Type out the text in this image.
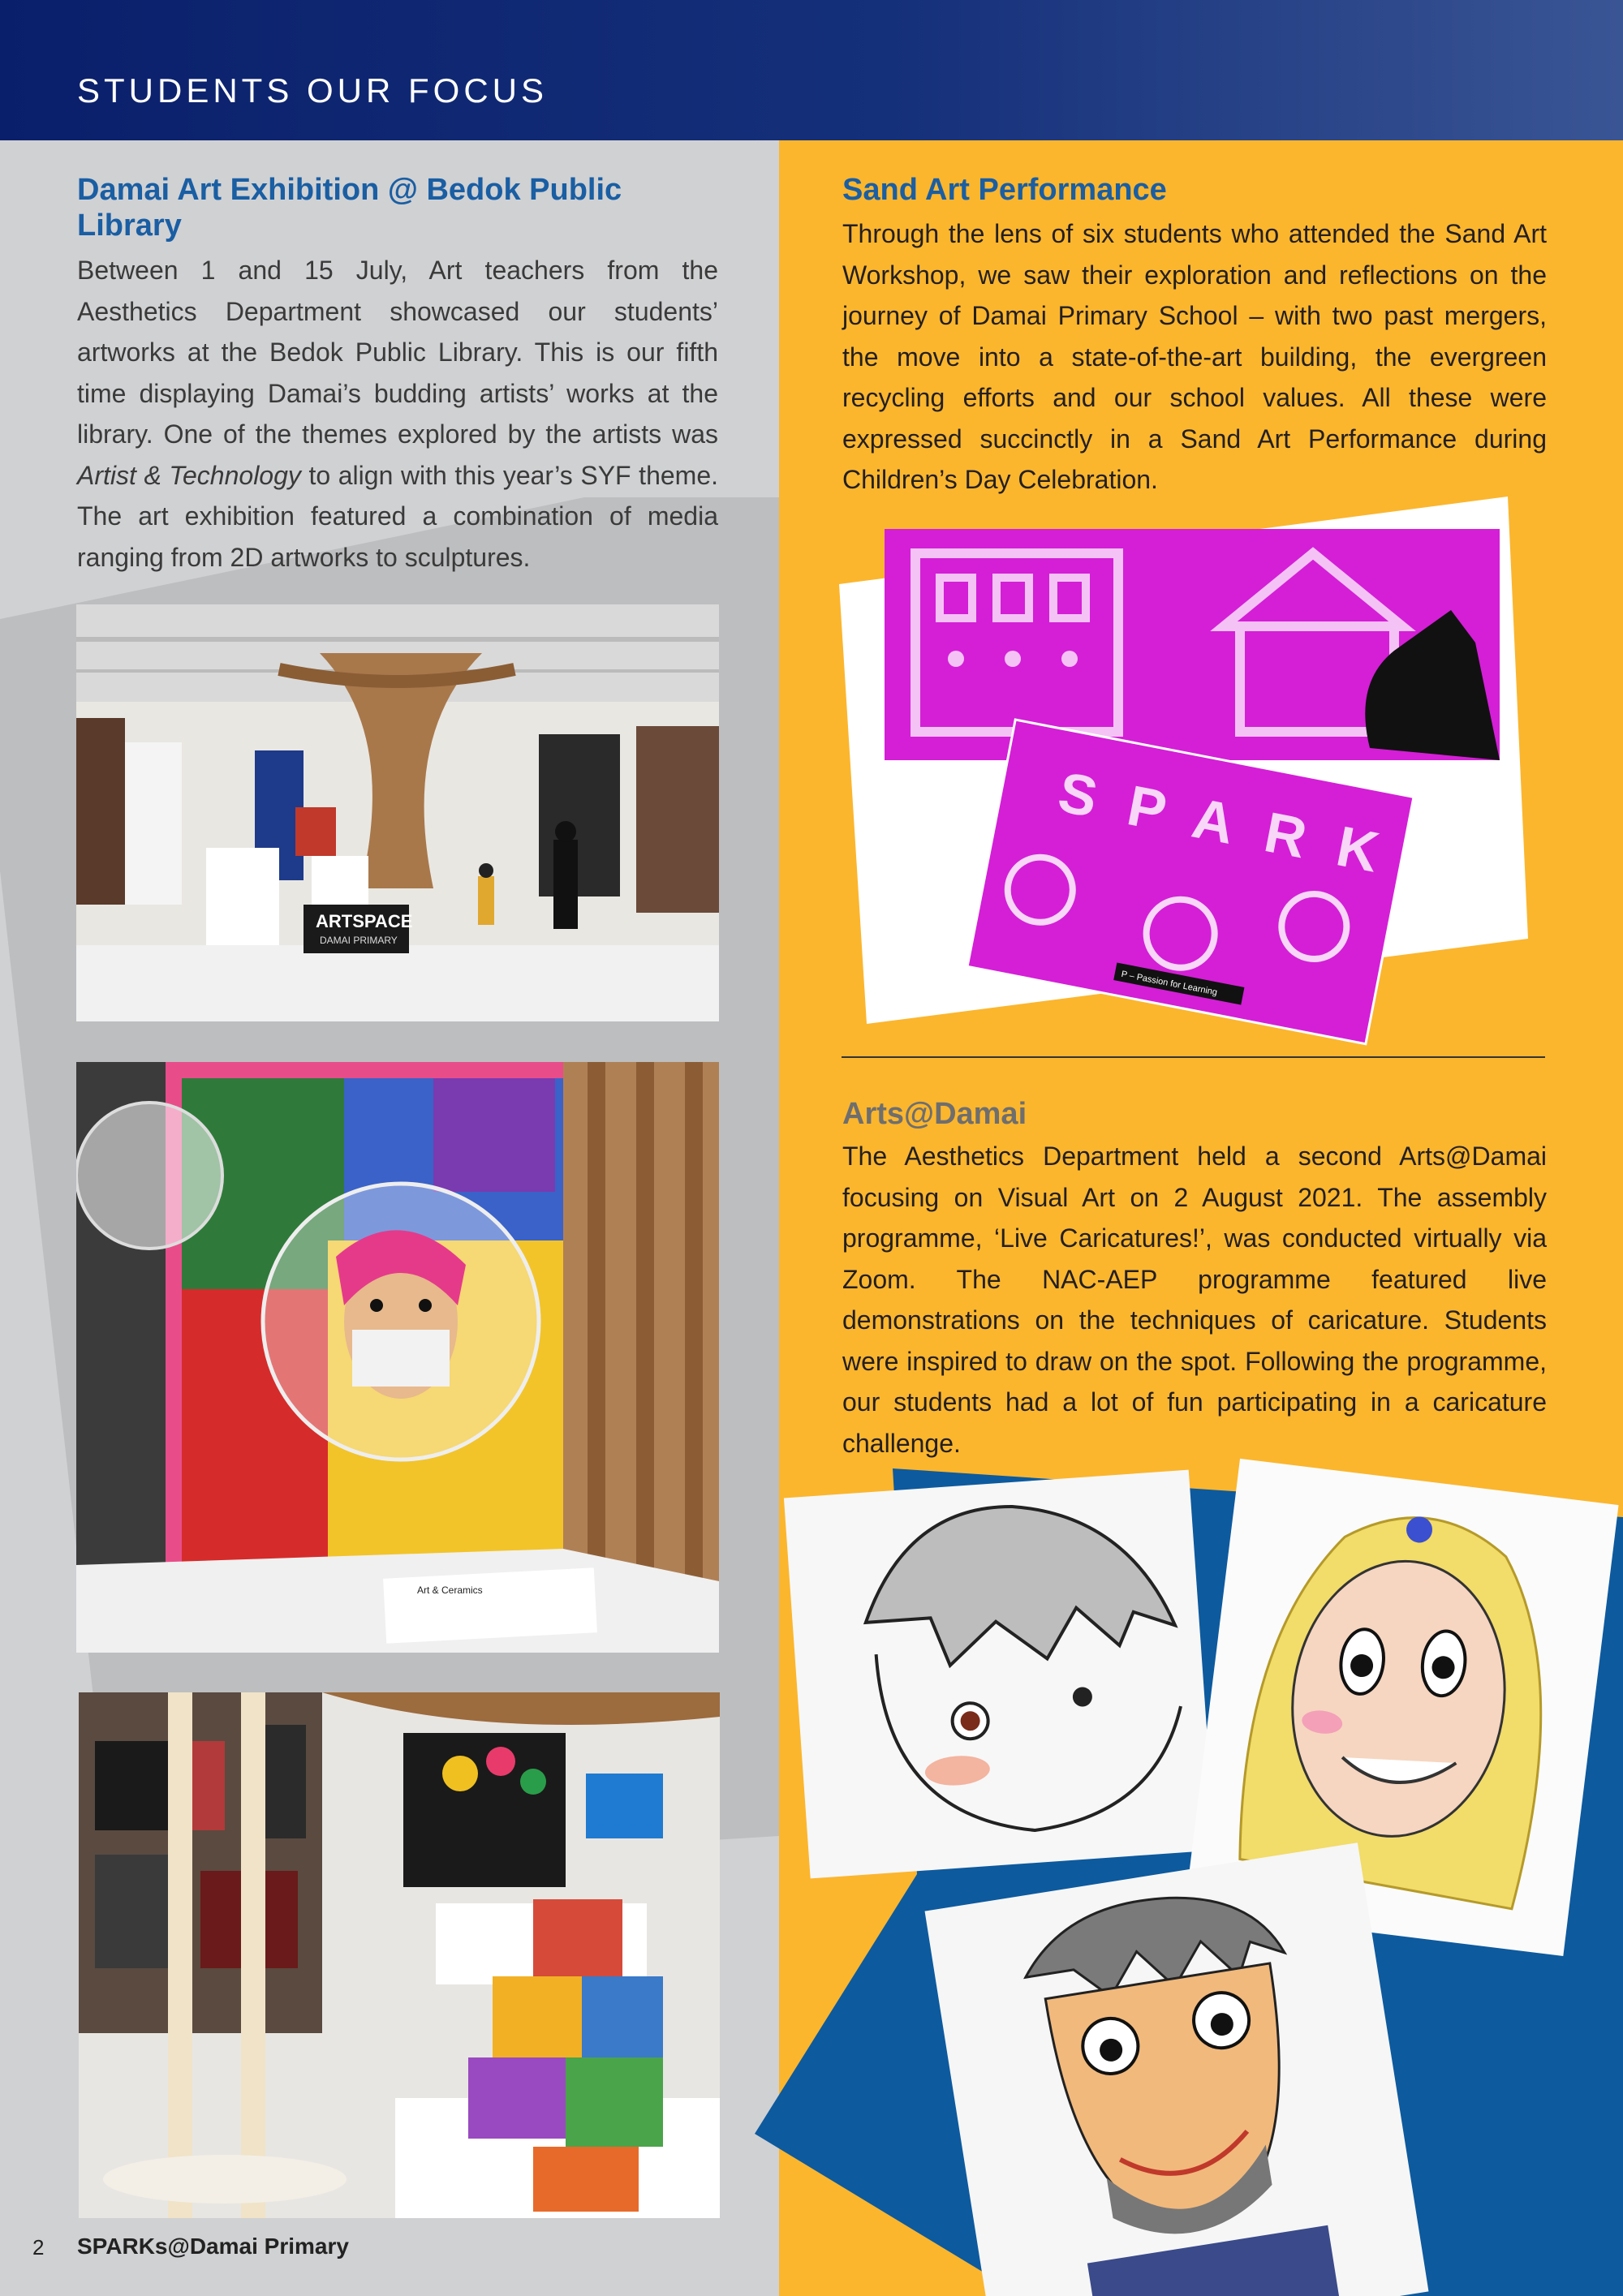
STUDENTS OUR FOCUS
Damai Art Exhibition @ Bedok Public
Library
Between 1 and 15 July, Art teachers from the Aesthetics Department showcased our students’ artworks at the Bedok Public Library. This is our fifth time displaying Damai’s budding artists’ works at the library. One of the themes explored by the artists was Artist & Technology to align with this year’s SYF theme. The art exhibition featured a combination of media ranging from 2D artworks to sculptures.
ARTSPACE
DAMAI PRIMARY
Art & Ceramics
Sand Art Performance
Through the lens of six students who attended the Sand Art Workshop, we saw their exploration and reflections on the journey of Damai Primary School – with two past mergers, the move into a state-of-the-art building, the evergreen recycling efforts and our school values. All these were expressed succinctly in a Sand Art Performance during Children’s Day Celebration.
SPARK
P – Passion for Learning
Arts@Damai
The Aesthetics Department held a second Arts@Damai focusing on Visual Art on 2 August 2021. The assembly programme, ‘Live Caricatures!’, was conducted virtually via Zoom. The NAC-AEP programme featured live demonstrations on the techniques of caricature. Students were inspired to draw on the spot. Following the programme, our students had a lot of fun participating in a caricature challenge.
2 SPARKs@Damai Primary
